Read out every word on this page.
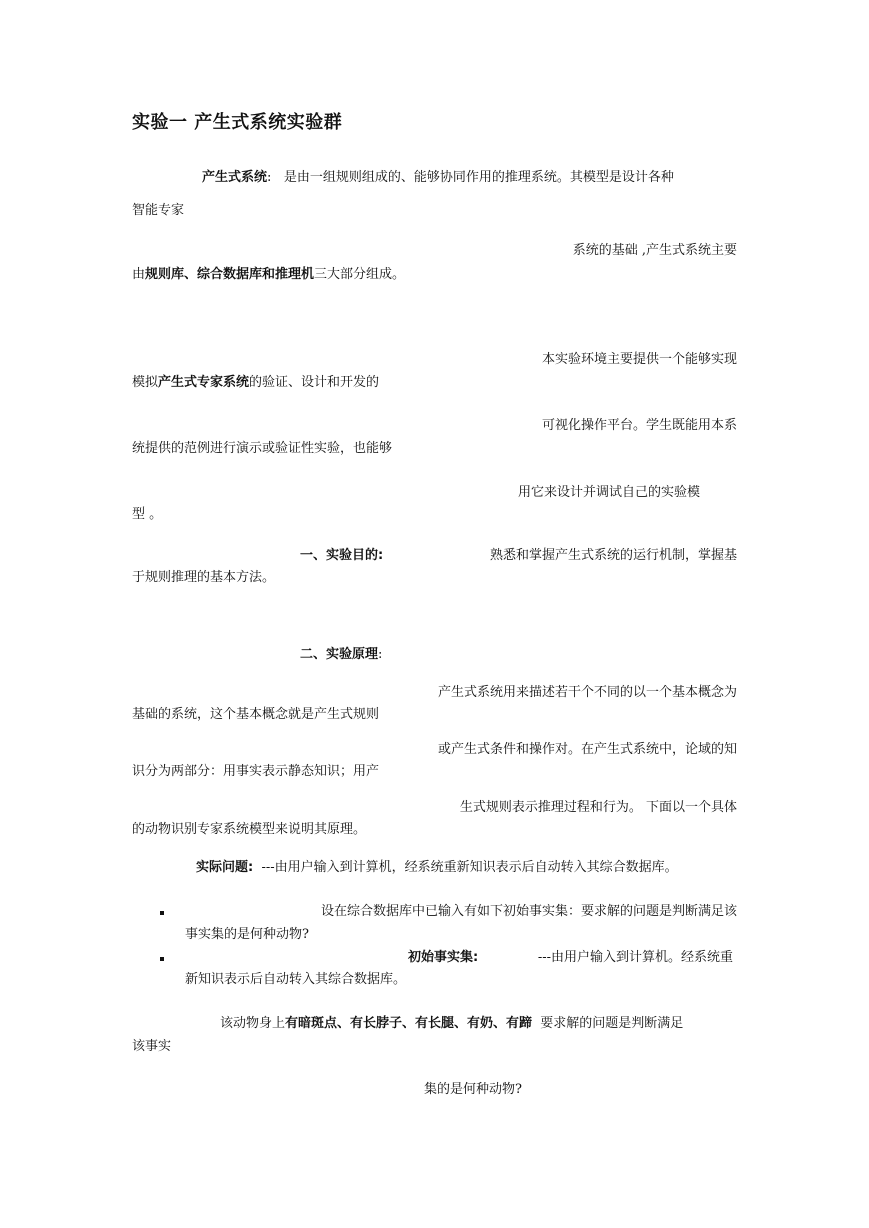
实验一 产生式系统实验群
产生式系统: 是由一组规则组成的、能够协同作用的推理系统。其模型是设计各种
智能专家
系统的基础 ,产生式系统主要
由规则库、综合数据库和推理机三大部分组成。
本实验环境主要提供一个能够实现
模拟产生式专家系统的验证、设计和开发的
可视化操作平台。学生既能用本系
统提供的范例进行演示或验证性实验，也能够
用它来设计并调试自己的实验模
型 。
一、实验目的:	熟悉和掌握产生式系统的运行机制，掌握基
于规则推理的基本方法。
二、实验原理:
产生式系统用来描述若干个不同的以一个基本概念为
基础的系统，这个基本概念就是产生式规则
或产生式条件和操作对。在产生式系统中，论域的知
识分为两部分：用事实表示静态知识；用产
生式规则表示推理过程和行为。 下面以一个具体
的动物识别专家系统模型来说明其原理。
实际问题: ---由用户输入到计算机，经系统重新知识表示后自动转入其综合数据库。
设在综合数据库中已输入有如下初始事实集：要求解的问题是判断满足该
事实集的是何种动物?
初始事实集:	---由用户输入到计算机。经系统重
新知识表示后自动转入其综合数据库。
该动物身上有暗斑点、有长脖子、有长腿、有奶、有蹄 要求解的问题是判断满足
该事实
集的是何种动物?
